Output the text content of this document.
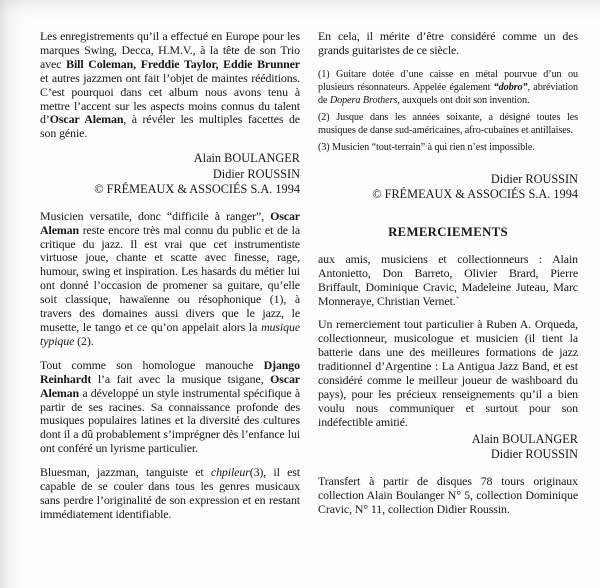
Les enregistrements qu’il a effectué en Europe pour les marques Swing, Decca, H.M.V., à la tête de son Trio avec Bill Coleman, Freddie Taylor, Eddie Brunner et autres jazzmen ont fait l’objet de maintes rééditions. C’est pourquoi dans cet album nous avons tenu à mettre l’accent sur les aspects moins connus du talent d’Oscar Aleman, à révéler les multiples facettes de son génie.

Alain BOULANGER
Didier ROUSSIN
© FRÉMEAUX & ASSOCIÉS S.A. 1994

Musicien versatile, donc “difficile à ranger”, Oscar Aleman reste encore très mal connu du public et de la critique du jazz. Il est vrai que cet instrumentiste virtuose joue, chante et scatte avec finesse, rage, humour, swing et inspiration. Les hasards du métier lui ont donné l’occasion de promener sa guitare, qu’elle soit classique, hawaïenne ou résophonique (1), à travers des domaines aussi divers que le jazz, le musette, le tango et ce qu’on appelait alors la musique typique (2).

Tout comme son homologue manouche Django Reinhardt l’a fait avec la musique tsigane, Oscar Aleman a développé un style instrumental spécifique à partir de ses racines. Sa connaissance profonde des musiques populaires latines et la diversité des cultures dont il a dû probablement s’imprégner dès l’enfance lui ont conféré un lyrisme particulier.

Bluesman, jazzman, tanguiste et chpileur(3), il est capable de se couler dans tous les genres musicaux sans perdre l’originalité de son expression et en restant immédiatement identifiable.

En cela, il mérite d’être considéré comme un des grands guitaristes de ce siècle.

(1) Guitare dotée d’une caisse en métal pourvue d’un ou plusieurs résonnateurs. Appelée également “dobro”, abréviation de Dopera Brothers, auxquels ont doit son invention.

(2) Jusque dans les années soixante, a désigné toutes les musiques de danse sud-américaines, afro-cubaines et antillaises.

(3) Musicien “tout-terrain” à qui rien n’est impossible.

Didier ROUSSIN
© FRÉMEAUX & ASSOCIÉS S.A. 1994
REMERCIEMENTS

aux amis, musiciens et collectionneurs : Alain Antonietto, Don Barreto, Olivier Brard, Pierre Briffault, Dominique Cravic, Madeleine Juteau, Marc Monneraye, Christian Vernet.`

Un remerciement tout particulier à Ruben A. Orqueda, collectionneur, musicologue et musicien (il tient la batterie dans une des meilleures formations de jazz traditionnel d’Argentine : La Antigua Jazz Band, et est considéré comme le meilleur joueur de washboard du pays), pour les précieux renseignements qu’il a bien voulu nous communiquer et surtout pour son indéfectible amitié.

Alain BOULANGER
Didier ROUSSIN

Transfert à partir de disques 78 tours originaux collection Alain Boulanger N° 5, collection Dominique Cravic, N° 11, collection Didier Roussin.
